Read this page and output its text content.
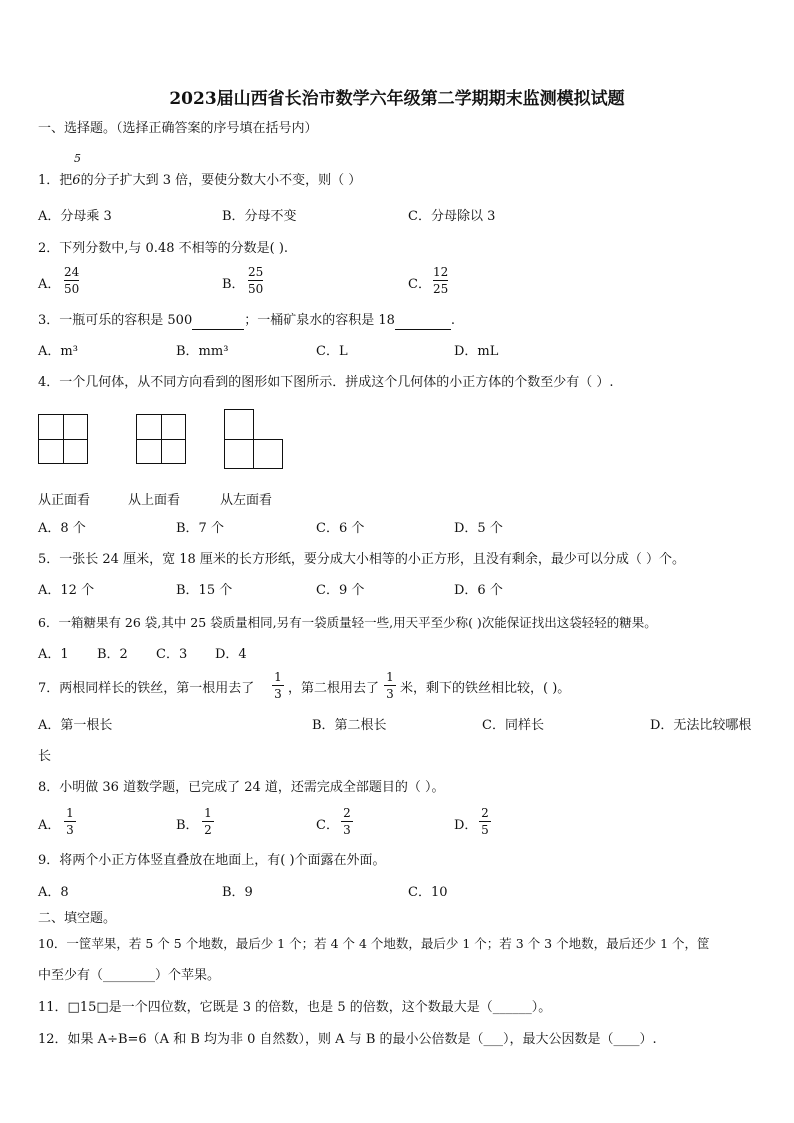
2023届山西省长治市数学六年级第二学期期末监测模拟试题
一、选择题。（选择正确答案的序号填在括号内）
1．把6的分子扩大到 3 倍，要使分数大小不变，则（ ）
5
A．分母乘 3	B．分母不变	C．分母除以 3
2．下列分数中,与 0.48 不相等的分数是( ).
A．
24
50	B．
25
50	C．
12
25
3．一瓶可乐的容积是 500	；一桶矿泉水的容积是 18	.
A．m³	B．mm³	C．L	D．mL
4．一个几何体，从不同方向看到的图形如下图所示．拼成这个几何体的小正方体的个数至少有（ ）.
从正面看	从上面看	从左面看
A．8 个	B．7 个	C．6 个	D．5 个
5．一张长 24 厘米，宽 18 厘米的长方形纸，要分成大小相等的小正方形，且没有剩余，最少可以分成（ ）个。
A．12 个	B．15 个	C．9 个	D．6 个
6．一箱糖果有 26 袋,其中 25 袋质量相同,另有一袋质量轻一些,用天平至少称( )次能保证找出这袋轻轻的糖果。
A．1 B．2 C．3 D．4
7．两根同样长的铁丝，第一根用去了
1
3 ，第二根用去了
1
3 米，剩下的铁丝相比较，( )。
A．第一根长	B．第二根长	C．同样长	D．无法比较哪根
长
8．小明做 36 道数学题，已完成了 24 道，还需完成全部题目的（ ）。
A．
1
3	B．
1
2	C．
2
3	D．
2
5
9．将两个小正方体竖直叠放在地面上，有( )个面露在外面。
A．8	B．9	C．10
二、填空题。
10．一筐苹果，若 5 个 5 个地数，最后少 1 个；若 4 个 4 个地数，最后少 1 个；若 3 个 3 个地数，最后还少 1 个，筐
中至少有（________）个苹果。
11．□15□是一个四位数，它既是 3 的倍数，也是 5 的倍数，这个数最大是（______）。
12．如果 A÷B=6（A 和 B 均为非 0 自然数），则 A 与 B 的最小公倍数是（___），最大公因数是（____）.
